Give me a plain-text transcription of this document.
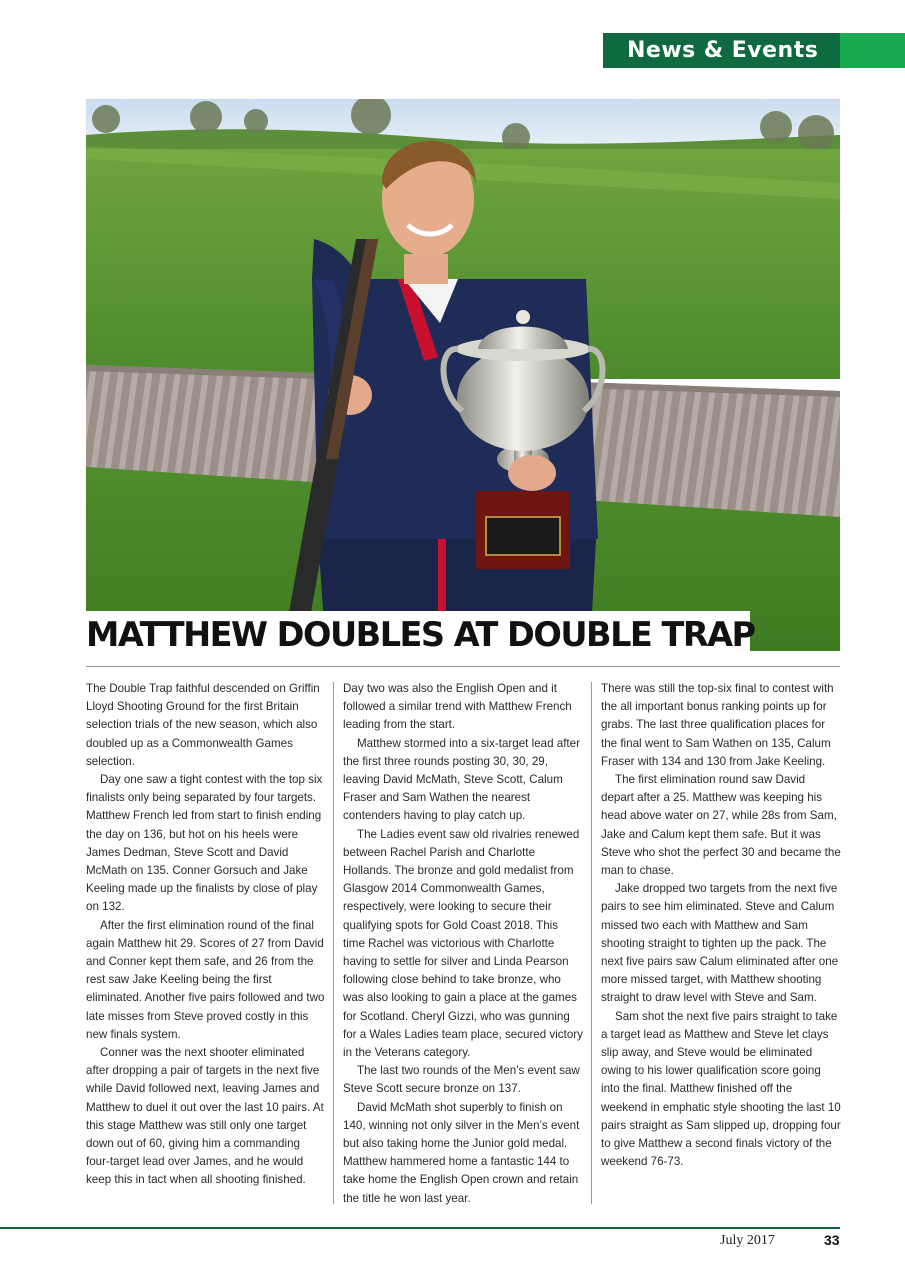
News & Events
MATTHEW DOUBLES AT DOUBLE TRAP

The Double Trap faithful descended on Griffin Lloyd Shooting Ground for the first Britain selection trials of the new season, which also doubled up as a Commonwealth Games selection.

Day one saw a tight contest with the top six finalists only being separated by four targets. Matthew French led from start to finish ending the day on 136, but hot on his heels were James Dedman, Steve Scott and David McMath on 135. Conner Gorsuch and Jake Keeling made up the finalists by close of play on 132.

After the first elimination round of the final again Matthew hit 29. Scores of 27 from David and Conner kept them safe, and 26 from the rest saw Jake Keeling being the first eliminated. Another five pairs followed and two late misses from Steve proved costly in this new finals system.

Conner was the next shooter eliminated after dropping a pair of targets in the next five while David followed next, leaving James and Matthew to duel it out over the last 10 pairs. At this stage Matthew was still only one target down out of 60, giving him a commanding four-target lead over James, and he would keep this in tact when all shooting finished.

Day two was also the English Open and it followed a similar trend with Matthew French leading from the start.

Matthew stormed into a six-target lead after the first three rounds posting 30, 30, 29, leaving David McMath, Steve Scott, Calum Fraser and Sam Wathen the nearest contenders having to play catch up.

The Ladies event saw old rivalries renewed between Rachel Parish and Charlotte Hollands. The bronze and gold medalist from Glasgow 2014 Commonwealth Games, respectively, were looking to secure their qualifying spots for Gold Coast 2018. This time Rachel was victorious with Charlotte having to settle for silver and Linda Pearson following close behind to take bronze, who was also looking to gain a place at the games for Scotland. Cheryl Gizzi, who was gunning for a Wales Ladies team place, secured victory in the Veterans category.

The last two rounds of the Men’s event saw Steve Scott secure bronze on 137.

David McMath shot superbly to finish on 140, winning not only silver in the Men’s event but also taking home the Junior gold medal. Matthew hammered home a fantastic 144 to take home the English Open crown and retain the title he won last year.

There was still the top-six final to contest with the all important bonus ranking points up for grabs. The last three qualification places for the final went to Sam Wathen on 135, Calum Fraser with 134 and 130 from Jake Keeling.

The first elimination round saw David depart after a 25. Matthew was keeping his head above water on 27, while 28s from Sam, Jake and Calum kept them safe. But it was Steve who shot the perfect 30 and became the man to chase.

Jake dropped two targets from the next five pairs to see him eliminated. Steve and Calum missed two each with Matthew and Sam shooting straight to tighten up the pack. The next five pairs saw Calum eliminated after one more missed target, with Matthew shooting straight to draw level with Steve and Sam.

Sam shot the next five pairs straight to take a target lead as Matthew and Steve let clays slip away, and Steve would be eliminated owing to his lower qualification score going into the final. Matthew finished off the weekend in emphatic style shooting the last 10 pairs straight as Sam slipped up, dropping four to give Matthew a second finals victory of the weekend 76-73.

July 2017	33
